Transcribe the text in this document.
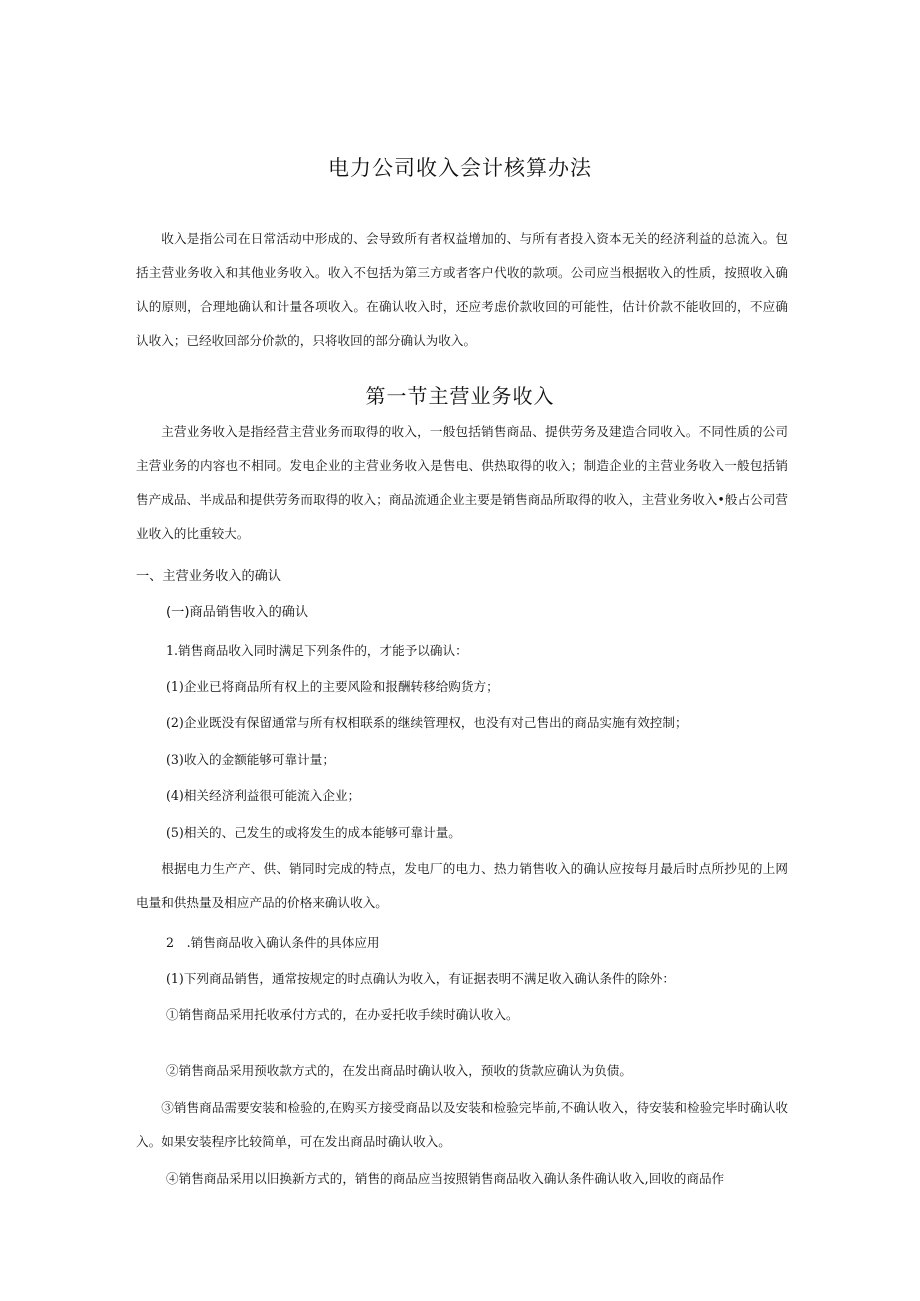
电力公司收入会计核算办法

收入是指公司在日常活动中形成的、会导致所有者权益增加的、与所有者投入资本无关的经济利益的总流入。包括主营业务收入和其他业务收入。收入不包括为第三方或者客户代收的款项。公司应当根据收入的性质，按照收入确认的原则，合理地确认和计量各项收入。在确认收入时，还应考虑价款收回的可能性，估计价款不能收回的，不应确认收入；已经收回部分价款的，只将收回的部分确认为收入。

第一节主营业务收入

主营业务收入是指经营主营业务而取得的收入，一般包括销售商品、提供劳务及建造合同收入。不同性质的公司主营业务的内容也不相同。发电企业的主营业务收入是售电、供热取得的收入；制造企业的主营业务收入一般包括销售产成品、半成品和提供劳务而取得的收入；商品流通企业主要是销售商品所取得的收入，主营业务收入•般占公司营业收入的比重较大。

一、主营业务收入的确认

(一)商品销售收入的确认

1.销售商品收入同时满足下列条件的，才能予以确认：

(1)企业已将商品所有权上的主要风险和报酬转移给购货方；

(2)企业既没有保留通常与所有权相联系的继续管理权，也没有对己售出的商品实施有效控制；

(3)收入的金额能够可靠计量；

(4)相关经济利益很可能流入企业；

(5)相关的、己发生的或将发生的成本能够可靠计量。

根据电力生产产、供、销同时完成的特点，发电厂的电力、热力销售收入的确认应按每月最后时点所抄见的上网电量和供热量及相应产品的价格来确认收入。

2　.销售商品收入确认条件的具体应用

(1)下列商品销售，通常按规定的时点确认为收入，有证据表明不满足收入确认条件的除外：

①销售商品采用托收承付方式的，在办妥托收手续时确认收入。

②销售商品采用预收款方式的，在发出商品时确认收入，预收的货款应确认为负债。

③销售商品需要安装和检验的,在购买方接受商品以及安装和检验完毕前,不确认收入，待安装和检验完毕时确认收入。如果安装程序比较简单，可在发出商品时确认收入。

④销售商品采用以旧换新方式的，销售的商品应当按照销售商品收入确认条件确认收入,回收的商品作
